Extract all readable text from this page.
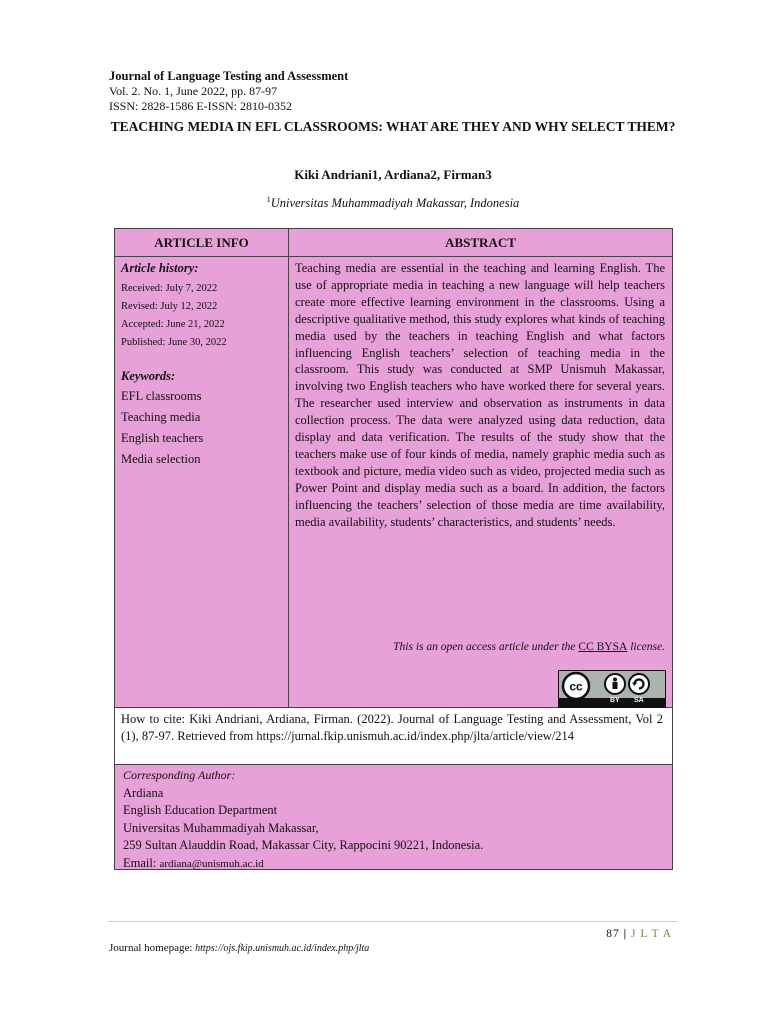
Journal of Language Testing and Assessment
Vol. 2. No. 1, June 2022, pp. 87-97
ISSN: 2828-1586 E-ISSN: 2810-0352
TEACHING MEDIA IN EFL CLASSROOMS: WHAT ARE THEY AND WHY SELECT THEM?
Kiki Andriani1, Ardiana2, Firman3
$^1$Universitas Muhammadiyah Makassar, Indonesia
ARTICLE INFO	ABSTRACT
Article history:
Received: July 7, 2022
Revised: July 12, 2022
Accepted: June 21, 2022
Published: June 30, 2022
Keywords:
EFL classrooms
Teaching media
English teachers
Media selection
Teaching media are essential in the teaching and learning English. The use of appropriate media in teaching a new language will help teachers create more effective learning environment in the classrooms. Using a descriptive qualitative method, this study explores what kinds of teaching media used by the teachers in teaching English and what factors influencing English teachers’ selection of teaching media in the classroom. This study was conducted at SMP Unismuh Makassar, involving two English teachers who have worked there for several years. The researcher used interview and observation as instruments in data collection process. The data were analyzed using data reduction, data display and data verification. The results of the study show that the teachers make use of four kinds of media, namely graphic media such as textbook and picture, media video such as video, projected media such as Power Point and display media such as a board. In addition, the factors influencing the teachers’ selection of those media are time availability, media availability, students’ characteristics, and students’ needs.
This is an open access article under the CC BYSA license.
cc
BY SA
How to cite: Kiki Andriani, Ardiana, Firman. (2022). Journal of Language Testing and Assessment, Vol 2 (1), 87-97. Retrieved from https://jurnal.fkip.unismuh.ac.id/index.php/jlta/article/view/214
Corresponding Author:
Ardiana
English Education Department
Universitas Muhammadiyah Makassar,
259 Sultan Alauddin Road, Makassar City, Rappocini 90221, Indonesia.
Email: ardiana@unismuh.ac.id
87 | J L T A
Journal homepage: https://ojs.fkip.unismuh.ac.id/index.php/jlta
